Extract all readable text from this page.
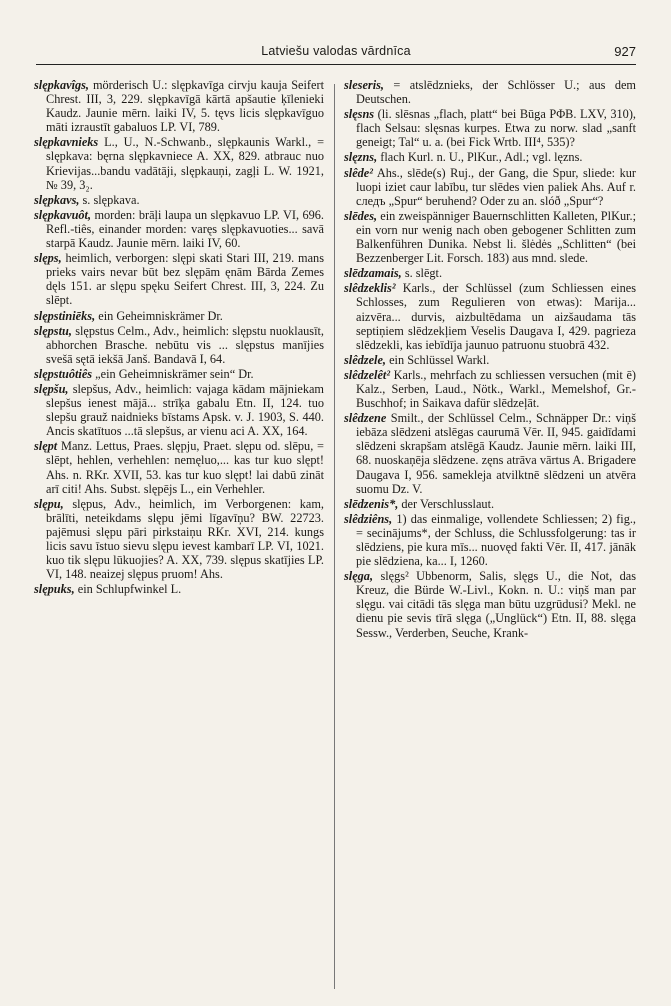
Latviešu valodas vārdnīca	927

slępkavîgs, mörderisch U.: slępkavīga cirvju kauja Seifert Chrest. III, 3, 229. slępkavīgā kārtā apšautie ķīlenieki Kaudz. Jaunie mērn. laiki IV, 5. tęvs licis slępkavīguo māti izraustīt gabaluos LP. VI, 789.

slępkavnieks L., U., N.-Schwanb., slępkaunis Warkl., = slępkava: bęrna slępkavniece A. XX, 829. atbrauc nuo Krievijas...bandu vadātāji, slępkauņi, zagļi L. W. 1921, № 39, 3₂.

slępkavs, s. slępkava.

slępkavuôt, morden: brāļi laupa un slępkavuo LP. VI, 696. Refl.-tiês, einander morden: varęs slępkavuoties... savā starpā Kaudz. Jaunie mērn. laiki IV, 60.

slęps, heimlich, verborgen: slępi skati Stari III, 219. mans prieks vairs nevar būt bez slępām ęnām Bārda Zemes dęls 151. ar slępu spęku Seifert Chrest. III, 3, 224. Zu slēpt.

slępstiniēks, ein Geheimniskrämer Dr.

slępstu, slępstus Celm., Adv., heimlich: slępstu nuoklausīt, abhorchen Brasche. nebūtu vis ... slępstus manījies svešā sętā iekšā Janš. Bandavā I, 64.

slępstuôtiês „ein Geheimniskrämer sein“ Dr.

slępšu, slepšus, Adv., heimlich: vajaga kādam mājniekam slepšus ienest mājā... strīķa gabalu Etn. II, 124. tuo slepšu grauž naidnieks bīstams Apsk. v. J. 1903, S. 440. Ancis skatītuos ...tā slepšus, ar vienu aci A. XX, 164.

slępt Manz. Lettus, Praes. slępju, Praet. slępu od. slēpu, = slēpt, hehlen, verhehlen: nemęluo,... kas tur kuo slępt! Ahs. n. RKr. XVII, 53. kas tur kuo slępt! lai dabū zināt arī citi! Ahs. Subst. slępējs L., ein Verhehler.

slępu, slępus, Adv., heimlich, im Verborgenen: kam, brālīti, neteikdams slępu jēmi līgavīņu? BW. 22723. pajēmusi slępu pāri pirkstaiņu RKr. XVI, 214. kungs licis savu īstuo sievu slępu ievest kambarī LP. VI, 1021. kuo tik slępu lūkuojies? A. XX, 739. slępus skatījies LP. VI, 148. neaizej slępus pruom! Ahs.

slępuks, ein Schlupfwinkel L.

sleseris, = atslēdznieks, der Schlösser U.; aus dem Deutschen.

slęsns (li. slēsnas „flach, platt“ bei Būga PΦB. LXV, 310), flach Selsau: slęsnas kurpes. Etwa zu norw. slad „sanft geneigt; Tal“ u. a. (bei Fick Wrtb. III⁴, 535)?

slęzns, flach Kurl. n. U., PlKur., Adl.; vgl. lęzns.

slêde² Ahs., slēde(s) Ruj., der Gang, die Spur, sliede: kur luopi iziet caur labību, tur slēdes vien paliek Ahs. Auf r. следъ „Spur“ beruhend? Oder zu an. slóð „Spur“?

slēdes, ein zweispänniger Bauernschlitten Kalleten, PlKur.; ein vorn nur wenig nach oben gebogener Schlitten zum Balkenführen Dunika. Nebst li. šlėdės „Schlitten“ (bei Bezzenberger Lit. Forsch. 183) aus mnd. slede.

slēdzamais, s. slēgt.

slêdzeklis² Karls., der Schlüssel (zum Schliessen eines Schlosses, zum Regulieren von etwas): Marija... aizvēra... durvis, aizbultēdama un aizšaudama tās septiņiem slēdzekļiem Veselis Daugava I, 429. pagrieza slēdzekli, kas iebīdīja jaunuo patruonu stuobrā 432.

slêdzele, ein Schlüssel Warkl.

slêdzelêt² Karls., mehrfach zu schliessen versuchen (mit ē) Kalz., Serben, Laud., Nötk., Warkl., Memelshof, Gr.-Buschhof; in Saikava dafür slēdzeļāt.

slêdzene Smilt., der Schlüssel Celm., Schnäpper Dr.: viņš iebāza slēdzeni atslēgas caurumā Vēr. II, 945. gaidīdami slēdzeni skrapšam atslēgā Kaudz. Jaunie mērn. laiki III, 68. nuoskaņēja slēdzene. zęns atrāva vārtus A. Brigadere Daugava I, 956. samekleja atvilktnē slēdzeni un atvēra suomu Dz. V.

slēdzenis*, der Verschlusslaut.

slêdziêns, 1) das einmalige, vollendete Schliessen; 2) fig., = secinājums*, der Schluss, die Schlussfolgerung: tas ir slēdziens, pie kura mīs... nuovęd fakti Vēr. II, 417. jānāk pie slēdziena, ka... I, 1260.

slęga, slęgs² Ubbenorm, Salis, slęgs U., die Not, das Kreuz, die Bürde W.-Livl., Kokn. n. U.: viņš man par slęgu. vai citādi tās slęga man būtu uzgrūdusi? Mekl. ne dienu pie sevis tīrā slęga („Unglück“) Etn. II, 88. slęga Sessw., Verderben, Seuche, Krank-
